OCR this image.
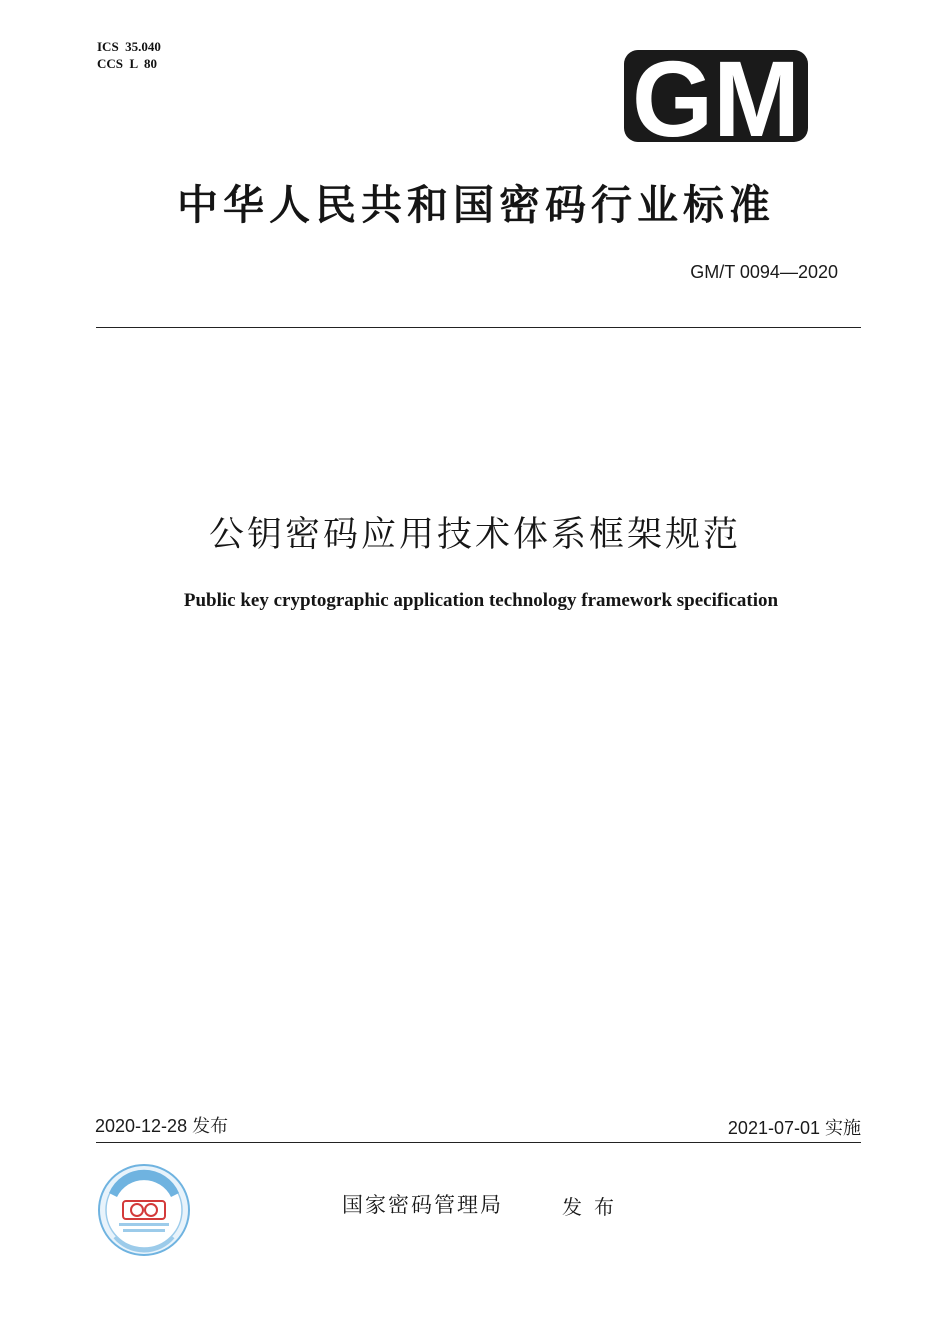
ICS  35.040
CCS  L  80	GM
中华人民共和国密码行业标准
GM/T 0094—2020
公钥密码应用技术体系框架规范
Public key cryptographic application technology framework specification
2020-12-28 发布	2021-07-01 实施
国家密码管理局	发布
